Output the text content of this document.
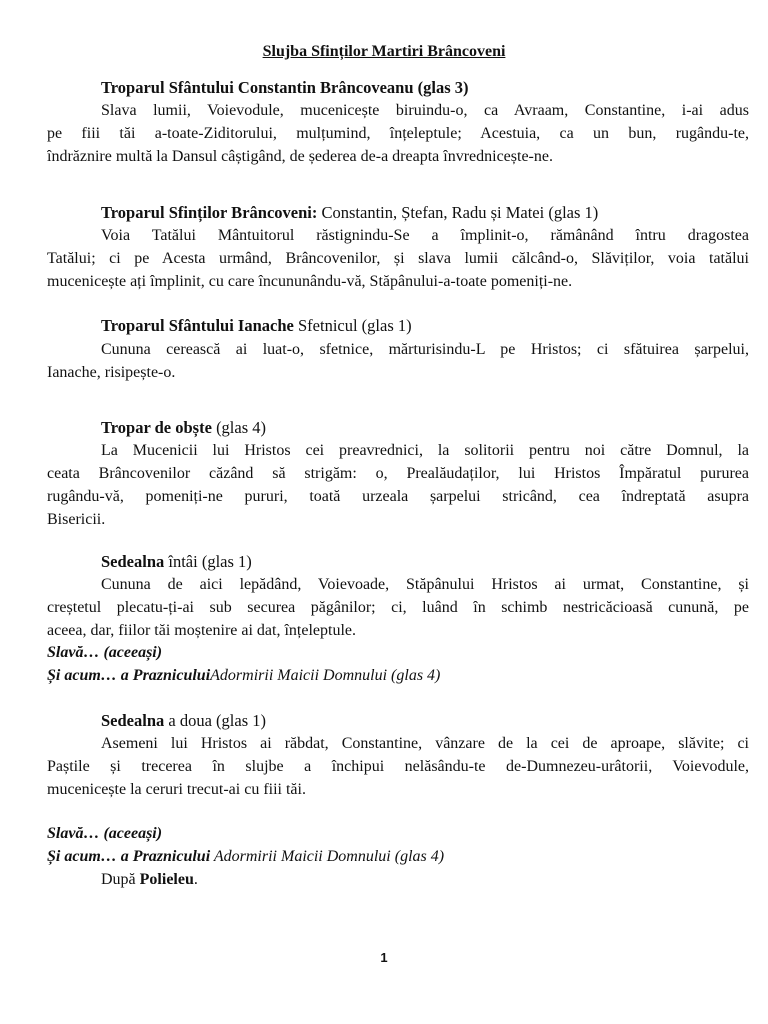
Slujba Sfinților Martiri Brâncoveni
Troparul Sfântului Constantin Brâncoveanu (glas 3)
Slava lumii, Voievodule, mucenicește biruindu-o, ca Avraam, Constantine, i-ai adus
pe fiii tăi a-toate-Ziditorului, mulțumind, înțeleptule; Acestuia, ca un bun, rugându-te,
îndrăznire multă la Dansul câștigând, de șederea de-a dreapta învrednicește-ne.
Troparul Sfinților Brâncoveni: Constantin, Ștefan, Radu și Matei (glas 1)
Voia Tatălui Mântuitorul răstignindu-Se a împlinit-o, rămânând întru dragostea
Tatălui; ci pe Acesta urmând, Brâncovenilor, și slava lumii călcând-o, Slăviților, voia tatălui
mucenicește ați împlinit, cu care încununându-vă, Stăpânului-a-toate pomeniți-ne.
Troparul Sfântului Ianache Sfetnicul (glas 1)
Cununa cerească ai luat-o, sfetnice, mărturisindu-L pe Hristos; ci sfătuirea șarpelui,
Ianache, risipește-o.
Tropar de obște (glas 4)
La Mucenicii lui Hristos cei preavrednici, la solitorii pentru noi către Domnul, la
ceata Brâncovenilor căzând să strigăm: o, Prealăudaților, lui Hristos Împăratul pururea
rugându-vă, pomeniți-ne pururi, toată urzeala șarpelui stricând, cea îndreptată asupra
Bisericii.
Sedealna întâi (glas 1)
Cununa de aici lepădând, Voievoade, Stăpânului Hristos ai urmat, Constantine, și
creștetul plecatu-ți-ai sub securea păgânilor; ci, luând în schimb nestricăcioasă cunună, pe
aceea, dar, fiilor tăi moștenire ai dat, înțeleptule.
Slavă… (aceeași)
Și acum… a PrazniculuiAdormirii Maicii Domnului (glas 4)
Sedealna a doua (glas 1)
Asemeni lui Hristos ai răbdat, Constantine, vânzare de la cei de aproape, slăvite; ci
Paștile și trecerea în slujbe a închipui nelăsându-te de-Dumnezeu-urâtorii, Voievodule,
mucenicește la ceruri trecut-ai cu fiii tăi.
Slavă… (aceeași)
Și acum… a Praznicului Adormirii Maicii Domnului (glas 4)
După Polieleu.
1
